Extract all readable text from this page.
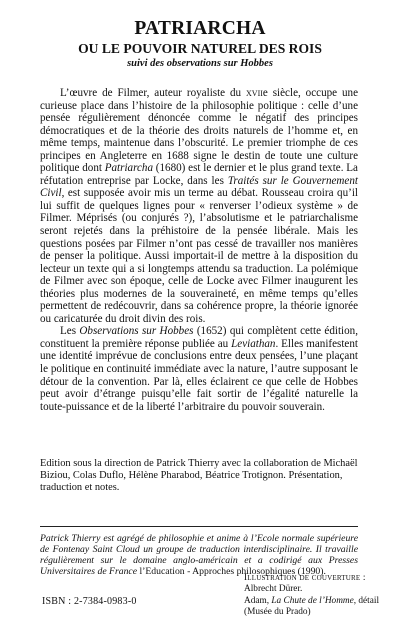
PATRIARCHA
OU LE POUVOIR NATUREL DES ROIS
suivi des observations sur Hobbes

L’œuvre de Filmer, auteur royaliste du xviie siècle, occupe une curieuse place dans l’histoire de la philosophie politique : celle d’une pensée régulièrement dénoncée comme le négatif des principes démocratiques et de la théorie des droits naturels de l’homme et, en même temps, maintenue dans l’obscurité. Le premier triomphe de ces principes en Angleterre en 1688 signe le destin de toute une culture politique dont Patriarcha (1680) est le dernier et le plus grand texte. La réfutation entreprise par Locke, dans les Traités sur le Gouvernement Civil, est supposée avoir mis un terme au débat. Rousseau croira qu’il lui suffit de quelques lignes pour « renverser l’odieux système » de Filmer. Méprisés (ou conjurés ?), l’absolutisme et le patriarchalisme seront rejetés dans la préhistoire de la pensée libérale. Mais les questions posées par Filmer n’ont pas cessé de travailler nos manières de penser la politique. Aussi importait-il de mettre à la disposition du lecteur un texte qui a si longtemps attendu sa traduction. La polémique de Filmer avec son époque, celle de Locke avec Filmer inaugurent les théories plus modernes de la souveraineté, en même temps qu’elles permettent de redécouvrir, dans sa cohérence propre, la théorie ignorée ou caricaturée du droit divin des rois.

Les Observations sur Hobbes (1652) qui complètent cette édition, constituent la première réponse publiée au Leviathan. Elles manifestent une identité imprévue de conclusions entre deux pensées, l’une plaçant le politique en continuité immédiate avec la nature, l’autre supposant le détour de la convention. Par là, elles éclairent ce que celle de Hobbes peut avoir d’étrange puisqu’elle fait sortir de l’égalité naturelle la toute-puissance et de la liberté l’arbitraire du pouvoir souverain.

Edition sous la direction de Patrick Thierry avec la collaboration de Michaël Biziou, Colas Duflo, Hélène Pharabod, Béatrice Trotignon. Présentation, traduction et notes.
Patrick Thierry est agrégé de philosophie et anime à l’Ecole normale supérieure de Fontenay Saint Cloud un groupe de traduction interdisciplinaire. Il travaille régulièrement sur le domaine anglo-américain et a codirigé aux Presses Universitaires de France l’Education - Approches philosophiques (1990).
ISBN : 2-7384-0983-0
Illustration de couverture :
Albrecht Dürer.
Adam, La Chute de l’Homme, détail
(Musée du Prado)
